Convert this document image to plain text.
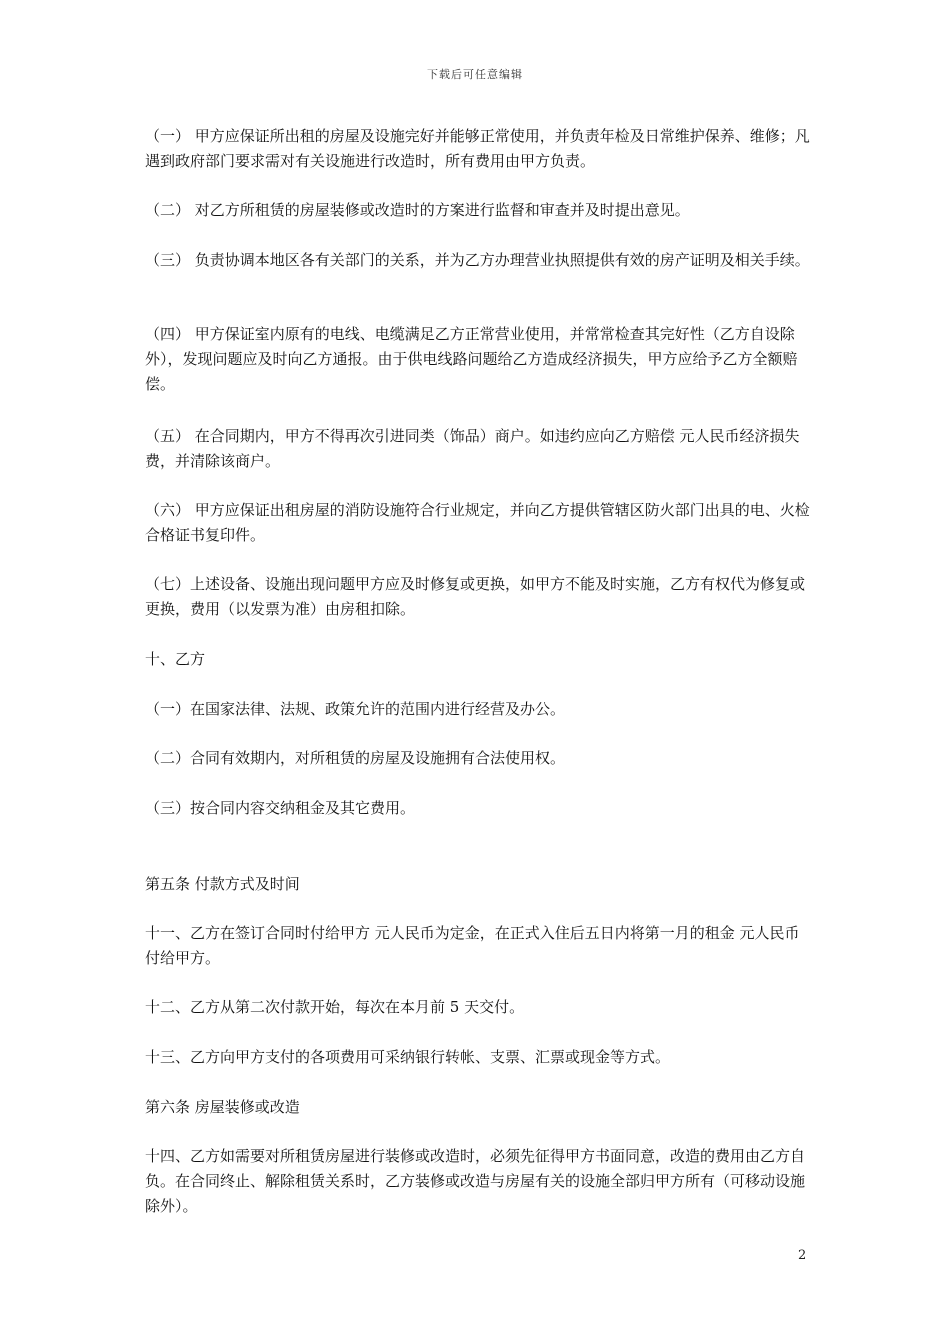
下载后可任意编辑

（一） 甲方应保证所出租的房屋及设施完好并能够正常使用，并负责年检及日常维护保养、维修；凡遇到政府部门要求需对有关设施进行改造时，所有费用由甲方负责。

（二） 对乙方所租赁的房屋装修或改造时的方案进行监督和审查并及时提出意见。

（三） 负责协调本地区各有关部门的关系，并为乙方办理营业执照提供有效的房产证明及相关手续。

（四） 甲方保证室内原有的电线、电缆满足乙方正常营业使用，并常常检查其完好性（乙方自设除外），发现问题应及时向乙方通报。由于供电线路问题给乙方造成经济损失，甲方应给予乙方全额赔偿。

（五） 在合同期内，甲方不得再次引进同类（饰品）商户。如违约应向乙方赔偿 元人民币经济损失费，并清除该商户。

（六） 甲方应保证出租房屋的消防设施符合行业规定，并向乙方提供管辖区防火部门出具的电、火检合格证书复印件。

（七）上述设备、设施出现问题甲方应及时修复或更换，如甲方不能及时实施，乙方有权代为修复或更换，费用（以发票为准）由房租扣除。

十、乙方

（一）在国家法律、法规、政策允许的范围内进行经营及办公。

（二）合同有效期内，对所租赁的房屋及设施拥有合法使用权。

（三）按合同内容交纳租金及其它费用。

第五条 付款方式及时间

十一、乙方在签订合同时付给甲方 元人民币为定金，在正式入住后五日内将第一月的租金 元人民币付给甲方。

十二、乙方从第二次付款开始，每次在本月前 5 天交付。

十三、乙方向甲方支付的各项费用可采纳银行转帐、支票、汇票或现金等方式。

第六条 房屋装修或改造

十四、乙方如需要对所租赁房屋进行装修或改造时，必须先征得甲方书面同意，改造的费用由乙方自负。在合同终止、解除租赁关系时，乙方装修或改造与房屋有关的设施全部归甲方所有（可移动设施除外）。

2
